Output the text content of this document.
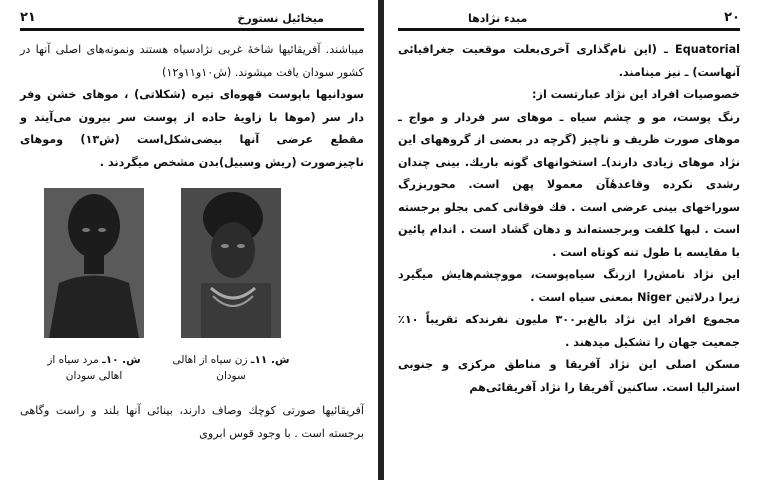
۲۱	میخائیل نستورخ

میباشند. آفریقائیها شاخهٔ غربی نژادسیاه هستند ونمونه‌های اصلی آنها در کشور سودان یافت میشوند. (ش۱۰و۱۱و۱۲)

سودانیها باپوست قهوه‌ای تیره (شکلاتی) ، موهای خشن وفر دار سر (موها با زاویهٔ حاده از پوست سر بیرون می‌آیند و مقطع عرضی آنها بیضی‌شکل‌است (ش۱۳) وموهای ناچیزصورت (ریش وسبیل)بدن مشخص میگردند .

ش. ۱۱ـ زن سیاه از اهالی سودان
ش. ۱۰ـ مرد سیاه از اهالی سودان

آفریقائیها صورتی کوچك وصاف دارند، بینائی آنها بلند و راست وگاهی برجسته است . با وجود قوس ابروی

۲۰
مبدء نژادها

Equatorial ـ (این نام‌گذاری آخری‌بعلت موقعیت جغرافیائی آنهاست) ـ نیز مینامند.

خصوصیات افراد این نژاد عبارتست از:

رنگ پوست، مو و چشم سیاه ـ موهای سر فردار و مواج ـ موهای صورت ظریف و ناچیز (گرچه در بعضی از گروههای این نژاد موهای زیادی دارند)ـ استخوانهای گونه باریك. بینی چندان رشدی نکرده وقاعدهٔآن معمولا پهن است. محوربزرگ سوراخهای بینی عرضی است . فك فوقانی کمی بجلو برجسته است . لبها کلفت وبرجسته‌اند و دهان گشاد است . اندام پائین با مقایسه با طول تنه کوتاه است .

این نژاد نامش‌را ازرنگ سیاه‌پوست، مووچشم‌هایش میگیرد زیرا درلاتین Niger بمعنی سیاه است .

مجموع افراد این نژاد بالغ‌بر۳۰۰ ملیون نفرندکه تقریباً ۱۰٪ جمعیت جهان را تشکیل میدهند .

مسکن اصلی این نژاد آفریقا و مناطق مرکزی و جنوبی استرالیا است. ساکنین آفریقا را نژاد آفریقائی‌هم
